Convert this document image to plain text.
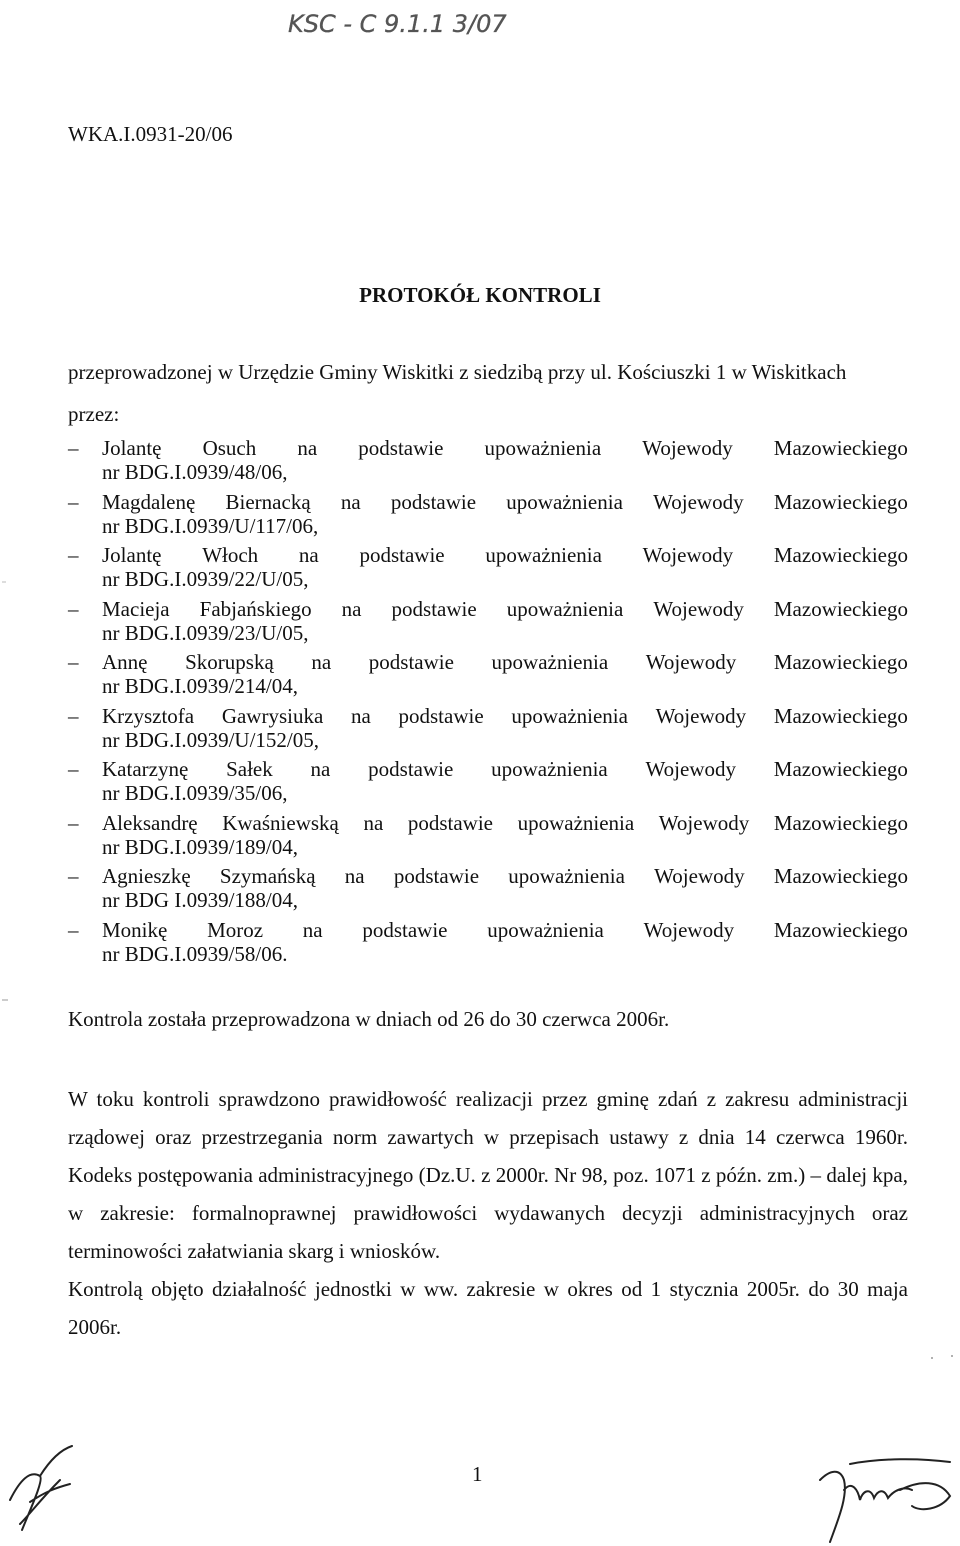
KSC - C 9.1.1 3/07
WKA.I.0931-20/06
PROTOKÓŁ KONTROLI
przeprowadzonej w Urzędzie Gminy Wiskitki z siedzibą przy ul. Kościuszki 1 w Wiskitkach
przez:
– Jolantę Osuch na podstawie upoważnienia Wojewody Mazowieckiego
nr BDG.I.0939/48/06,
– Magdalenę Biernacką na podstawie upoważnienia Wojewody Mazowieckiego
nr BDG.I.0939/U/117/06,
– Jolantę Włoch na podstawie upoważnienia Wojewody Mazowieckiego
nr BDG.I.0939/22/U/05,
– Macieja Fabjańskiego na podstawie upoważnienia Wojewody Mazowieckiego
nr BDG.I.0939/23/U/05,
– Annę Skorupską na podstawie upoważnienia Wojewody Mazowieckiego
nr BDG.I.0939/214/04,
– Krzysztofa Gawrysiuka na podstawie upoważnienia Wojewody Mazowieckiego
nr BDG.I.0939/U/152/05,
– Katarzynę Sałek na podstawie upoważnienia Wojewody Mazowieckiego
nr BDG.I.0939/35/06,
– Aleksandrę Kwaśniewską na podstawie upoważnienia Wojewody Mazowieckiego
nr BDG.I.0939/189/04,
– Agnieszkę Szymańską na podstawie upoważnienia Wojewody Mazowieckiego
nr BDG I.0939/188/04,
– Monikę Moroz na podstawie upoważnienia Wojewody Mazowieckiego
nr BDG.I.0939/58/06.
Kontrola została przeprowadzona w dniach od 26 do 30 czerwca 2006r.
W toku kontroli sprawdzono prawidłowość realizacji przez gminę zdań z zakresu administracji rządowej oraz przestrzegania norm zawartych w przepisach ustawy z dnia 14 czerwca 1960r. Kodeks postępowania administracyjnego (Dz.U. z 2000r. Nr 98, poz. 1071 z późn. zm.) – dalej kpa, w zakresie: formalnoprawnej prawidłowości wydawanych decyzji administracyjnych oraz terminowości załatwiania skarg i wniosków.
Kontrolą objęto działalność jednostki w ww. zakresie w okres od 1 stycznia 2005r. do 30 maja 2006r.
1
